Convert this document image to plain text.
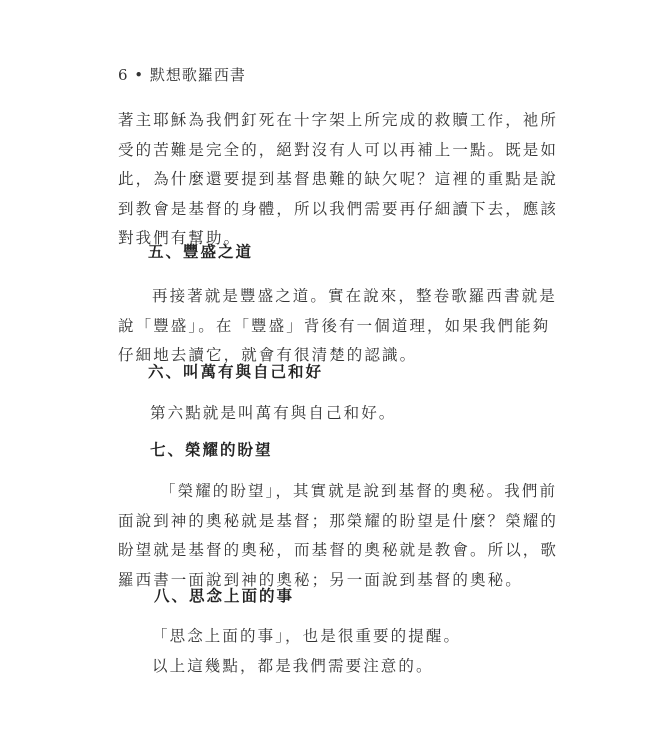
6 • 默想歌羅西書

著主耶穌為我們釘死在十字架上所完成的救贖工作，祂所

受的苦難是完全的，絕對沒有人可以再補上一點。既是如

此，為什麼還要提到基督患難的缺欠呢？這裡的重點是說

到教會是基督的身體，所以我們需要再仔細讀下去，應該

對我們有幫助。

五、豐盛之道

再接著就是豐盛之道。實在說來，整卷歌羅西書就是

說「豐盛」。在「豐盛」背後有一個道理，如果我們能夠

仔細地去讀它，就會有很清楚的認識。

六、叫萬有與自己和好

第六點就是叫萬有與自己和好。

七、榮耀的盼望

「榮耀的盼望」，其實就是說到基督的奧秘。我們前

面說到神的奧秘就是基督；那榮耀的盼望是什麼？榮耀的

盼望就是基督的奧秘，而基督的奧秘就是教會。所以，歌

羅西書一面說到神的奧秘；另一面說到基督的奧秘。

八、思念上面的事

「思念上面的事」，也是很重要的提醒。

以上這幾點，都是我們需要注意的。
